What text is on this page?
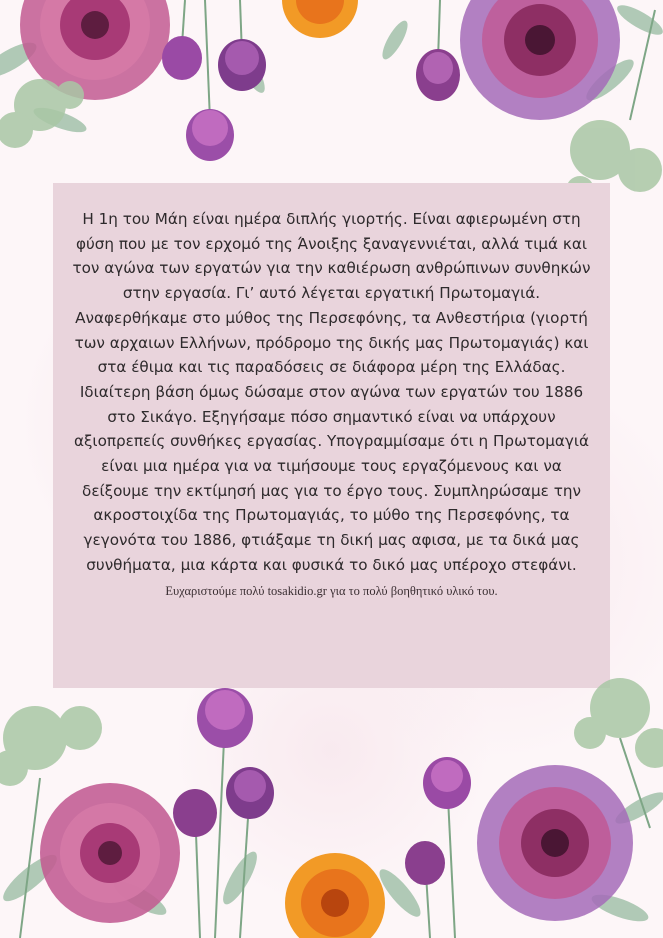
Η 1η του Μάη είναι ημέρα διπλής γιορτής. Είναι αφιερωμένη στη φύση που με τον ερχομό της Άνοιξης ξαναγεννιέται, αλλά τιμά και τον αγώνα των εργατών για την καθιέρωση ανθρώπινων συνθηκών στην εργασία. Γι’ αυτό λέγεται εργατική Πρωτομαγιά. Αναφερθήκαμε στο μύθος της Περσεφόνης, τα Ανθεστήρια (γιορτή των αρχαιων Ελλήνων, πρόδρομο της δικής μας Πρωτομαγιάς) και στα έθιμα και τις παραδόσεις σε διάφορα μέρη της Ελλάδας. Ιδιαίτερη βάση όμως δώσαμε στον αγώνα των εργατών του 1886 στο Σικάγο. Εξηγήσαμε πόσο σημαντικό είναι να υπάρχουν αξιοπρεπείς συνθήκες εργασίας. Υπογραμμίσαμε ότι η Πρωτομαγιά είναι μια ημέρα για να τιμήσουμε τους εργαζόμενους και να δείξουμε την εκτίμησή μας για το έργο τους. Συμπληρώσαμε την ακροστοιχίδα της Πρωτομαγιάς, το μύθο της Περσεφόνης, τα γεγονότα του 1886, φτιάξαμε τη δική μας αφισα, με τα δικά μας συνθήματα, μια κάρτα και φυσικά το δικό μας υπέροχο στεφάνι.

Ευχαριστούμε πολύ tosakidio.gr για το πολύ βοηθητικό υλικό του.
